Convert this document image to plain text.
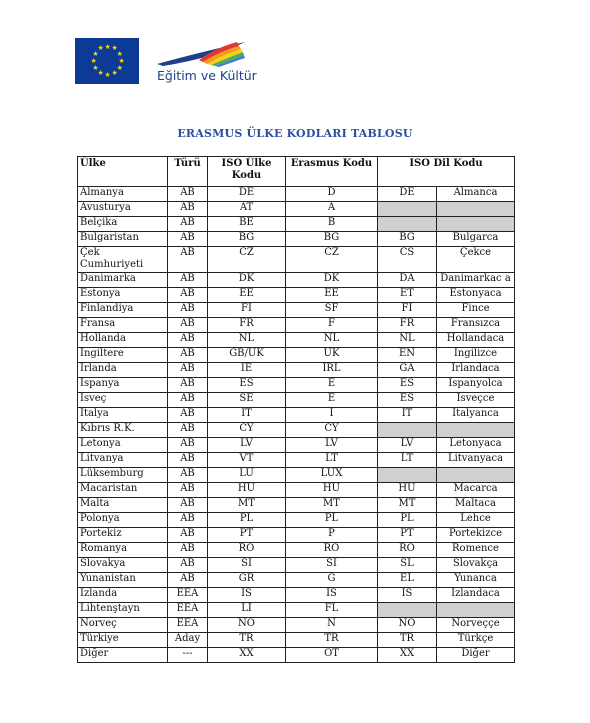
★ ★
★
★
★
★
★
★
★
★
★
★
Eğitim ve Kültür
ERASMUS ÜLKE KODLARI TABLOSU
Ülke	Türü	ISO Ülke Kodu	Erasmus Kodu	ISO Dil Kodu	
Almanya	AB	DE	D	DE	Almanca
Avusturya	AB	AT	A		
Belçika	AB	BE	B		
Bulgaristan	AB	BG	BG	BG	Bulgarca
Çek Cumhuriyeti	AB	CZ	CZ	CS	Çekce
Danimarka	AB	DK	DK	DA	Danimarkac a
Estonya	AB	EE	EE	ET	Estonyaca
Finlandiya	AB	FI	SF	FI	Fince
Fransa	AB	FR	F	FR	Fransızca
Hollanda	AB	NL	NL	NL	Hollandaca
İngiltere	AB	GB/UK	UK	EN	İngilizce
İrlanda	AB	IE	IRL	GA	İrlandaca
İspanya	AB	ES	E	ES	İspanyolca
İsveç	AB	SE	E	ES	İsveçce
İtalya	AB	IT	I	IT	İtalyanca
Kıbrıs R.K.	AB	CY	CY		
Letonya	AB	LV	LV	LV	Letonyaca
Litvanya	AB	VT	LT	LT	Litvanyaca
Lüksemburg	AB	LU	LUX		
Macaristan	AB	HU	HU	HU	Macarca
Malta	AB	MT	MT	MT	Maltaca
Polonya	AB	PL	PL	PL	Lehce
Portekiz	AB	PT	P	PT	Portekizce
Romanya	AB	RO	RO	RO	Romence
Slovakya	AB	SI	SI	SL	Slovakça
Yunanistan	AB	GR	G	EL	Yunanca
İzlanda	EEA	IS	IS	IS	İzlandaca
Lihtenştayn	EEA	LI	FL		
Norveç	EEA	NO	N	NO	Norveççe
Türkiye	Aday	TR	TR	TR	Türkçe
Diğer	---	XX	OT	XX	Diğer
